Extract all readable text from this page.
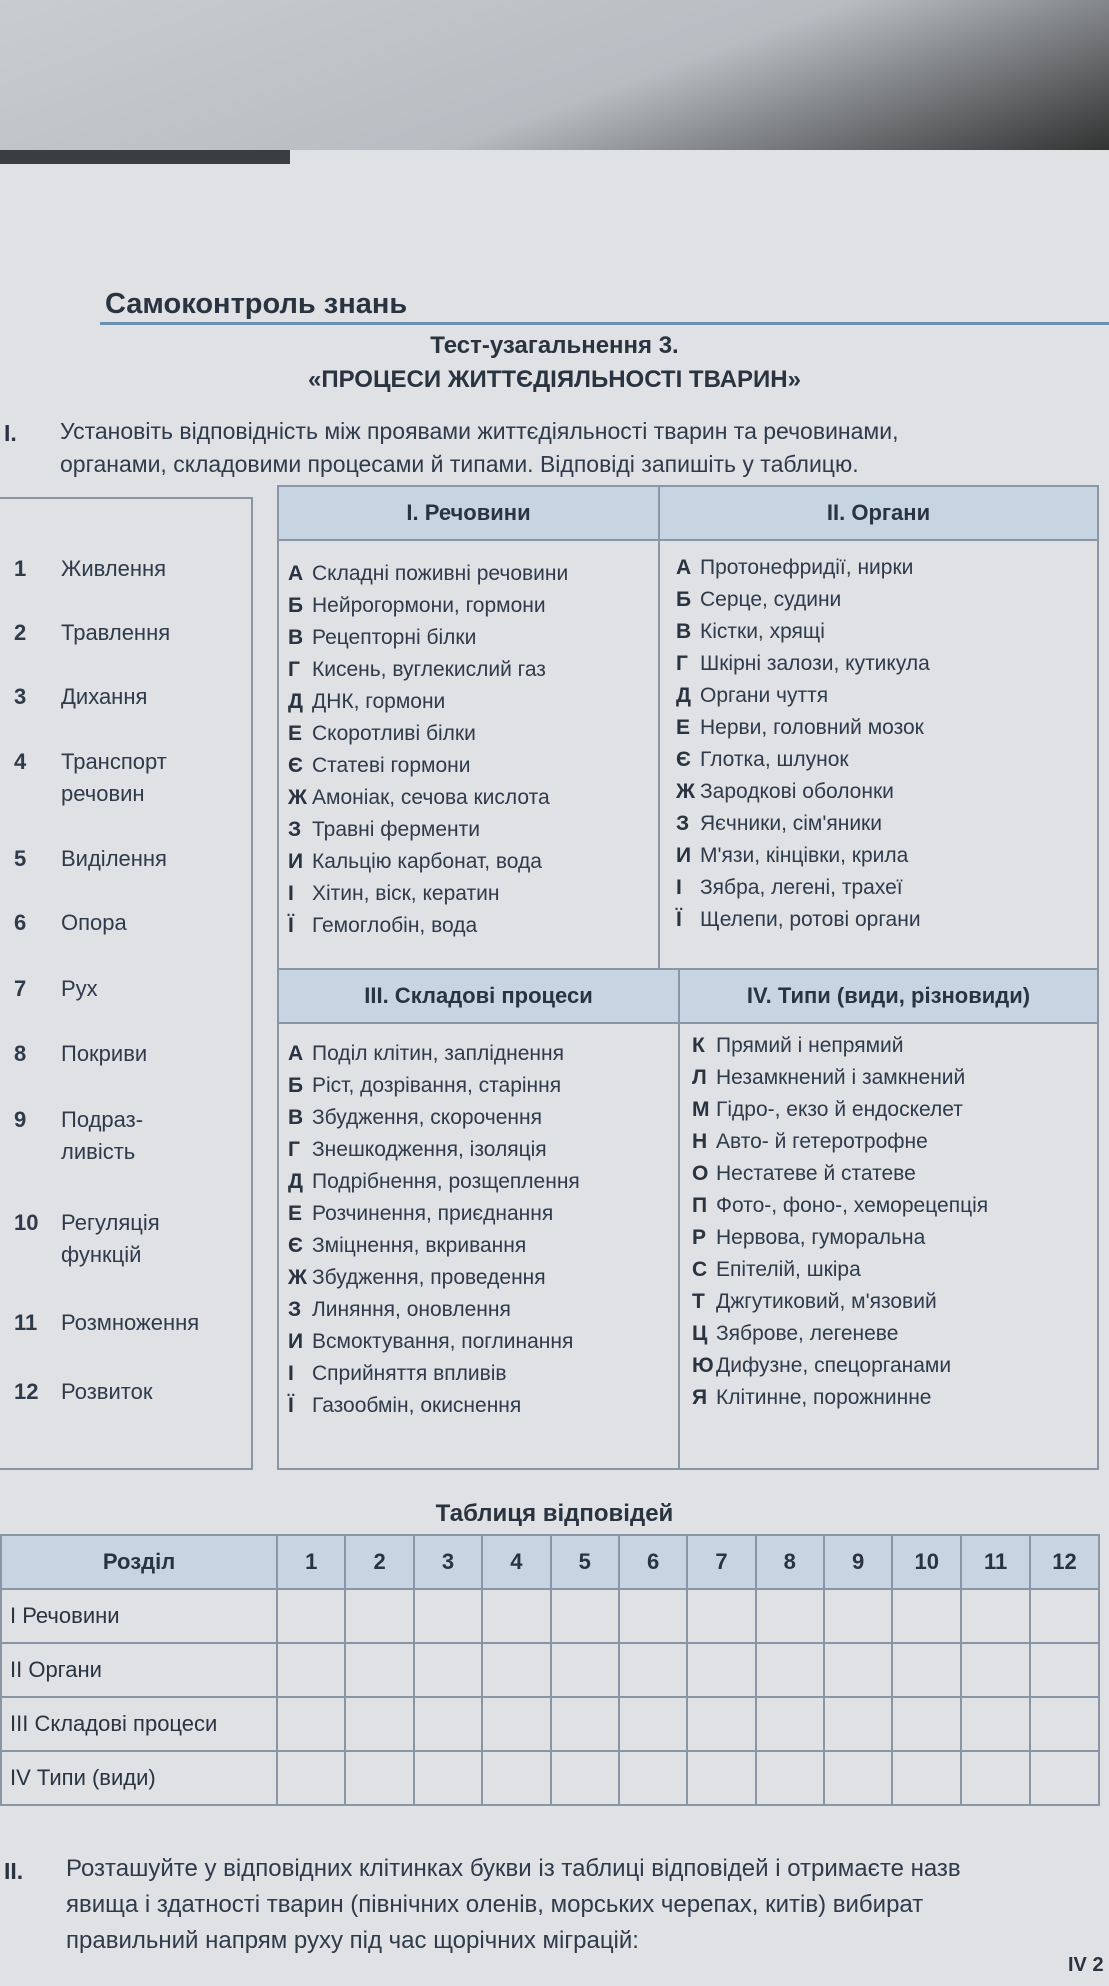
Самоконтроль знань
Тест-узагальнення 3.
«ПРОЦЕСИ ЖИТТЄДІЯЛЬНОСТІ ТВАРИН»
I. Установіть відповідність між проявами життєдіяльності тварин та речовинами,
органами, складовими процесами й типами. Відповіді запишіть у таблицю.
1	Живлення
2	Травлення
3	Дихання
4	Транспорт речовин
5	Виділення
6	Опора
7	Рух
8	Покриви
9	Подраз-ливість
10	Регуляція функцій
11	Розмноження
12	Розвиток
I. Речовини	II. Органи
III. Складові процеси	IV. Типи (види, різновиди)
А Складні поживні речовини
Б Нейрогормони, гормони
В Рецепторні білки
Г Кисень, вуглекислий газ
Д ДНК, гормони
Е Скоротливі білки
Є Статеві гормони
Ж Амоніак, сечова кислота
З Травні ферменти
И Кальцію карбонат, вода
І Хітин, віск, кератин
Ї Гемоглобін, вода
А Протонефридії, нирки
Б Серце, судини
В Кістки, хрящі
Г Шкірні залози, кутикула
Д Органи чуття
Е Нерви, головний мозок
Є Глотка, шлунок
Ж Зародкові оболонки
З Яєчники, сім'яники
И М'язи, кінцівки, крила
І Зябра, легені, трахеї
Ї Щелепи, ротові органи
А Поділ клітин, запліднення
Б Ріст, дозрівання, старіння
В Збудження, скорочення
Г Знешкодження, ізоляція
Д Подрібнення, розщеплення
Е Розчинення, приєднання
Є Зміцнення, вкривання
Ж Збудження, проведення
З Линяння, оновлення
И Всмоктування, поглинання
І Сприйняття впливів
Ї Газообмін, окиснення
К Прямий і непрямий
Л Незамкнений і замкнений
М Гідро-, екзо й ендоскелет
Н Авто- й гетеротрофне
О Нестатеве й статеве
П Фото-, фоно-, хеморецепція
Р Нервова, гуморальна
С Епітелій, шкіра
Т Джгутиковий, м'язовий
Ц Зяброве, легеневе
Ю Дифузне, спецорганами
Я Клітинне, порожнинне
Таблиця відповідей
Розділ	1	2	3	4	5	6	7	8	9	10	11	12
I Речовини												
II Органи												
III Складові процеси												
IV Типи (види)												
II. Розташуйте у відповідних клітинках букви із таблиці відповідей і отримаєте назв
явища і здатності тварин (північних оленів, морських черепах, китів) вибират
правильний напрям руху під час щорічних міграцій:
IV 2
